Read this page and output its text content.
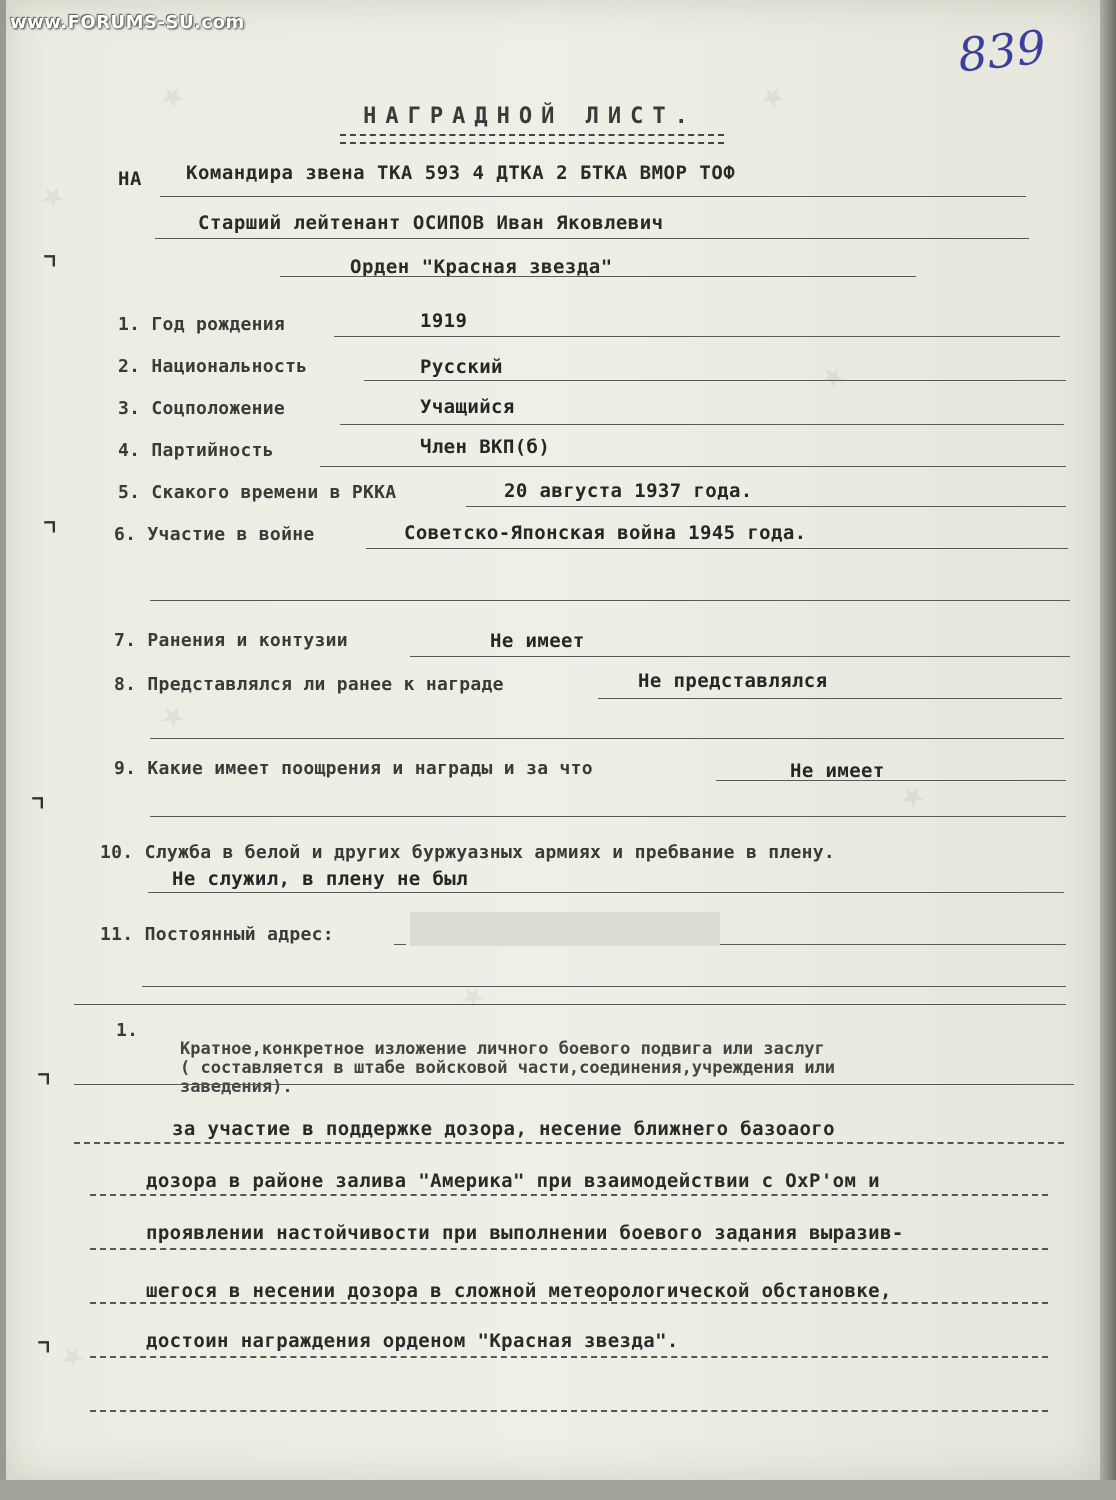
★	★
★
★
★
★
★
★
www.FORUMS-SU.com	839
⌝
⌝
⌝
⌝
⌝
НАГРАДНОЙ ЛИСТ.
НА Командира звена ТКА 593 4 ДТКА 2 БТКА ВМОР ТОФ
Старший лейтенант ОСИПОВ Иван Яковлевич
Орден "Красная звезда"
1. Год рождения	1919
2. Национальность	Русский
3. Соцположение	Учащийся
4. Партийность	Член ВКП(б)
5. Скакого времени в РККА	20 августа 1937 года.
6. Участие в войне	Советско-Японская война 1945 года.
7. Ранения и контузии	Не имеет
8. Представлялся ли ранее к награде	Не представлялся
9. Какие имеет поощрения и награды и за что	Не имеет
10. Служба в белой и других буржуазных армиях и пребвание в плену.
Не служил, в плену не был
11. Постоянный адрес:
1.
Кратное,конкретное изложение личного боевого подвига или заслуг
( составляется в штабе войсковой части,соединения,учреждения или
заведения).
за участие в поддержке дозора, несение ближнего базоаого
дозора в районе залива "Америка" при взаимодействии с ОхР'ом и
проявлении настойчивости при выполнении боевого задания выразив-
шегося в несении дозора в сложной метеорологической обстановке,
достоин награждения орденом "Красная звезда".
